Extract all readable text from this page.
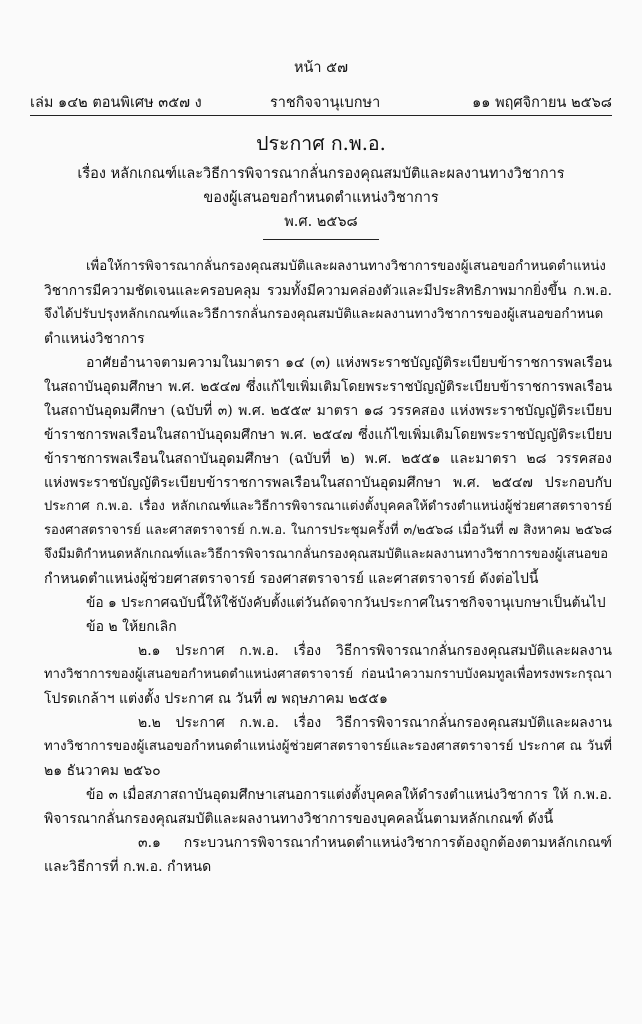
หน้า ๕๗
เล่ม ๑๔๒ ตอนพิเศษ ๓๕๗ ง	ราชกิจจานุเบกษา	๑๑ พฤศจิกายน ๒๕๖๘
ประกาศ ก.พ.อ.
เรื่อง หลักเกณฑ์และวิธีการพิจารณากลั่นกรองคุณสมบัติและผลงานทางวิชาการ
ของผู้เสนอขอกำหนดตำแหน่งวิชาการ
พ.ศ. ๒๕๖๘
เพื่อให้การพิจารณากลั่นกรองคุณสมบัติและผลงานทางวิชาการของผู้เสนอขอกำหนดตำแหน่ง
วิชาการมีความชัดเจนและครอบคลุม รวมทั้งมีความคล่องตัวและมีประสิทธิภาพมากยิ่งขึ้น ก.พ.อ.
จึงได้ปรับปรุงหลักเกณฑ์และวิธีการกลั่นกรองคุณสมบัติและผลงานทางวิชาการของผู้เสนอขอกำหนด
ตำแหน่งวิชาการ
อาศัยอำนาจตามความในมาตรา ๑๔ (๓) แห่งพระราชบัญญัติระเบียบข้าราชการพลเรือน
ในสถาบันอุดมศึกษา พ.ศ. ๒๕๔๗ ซึ่งแก้ไขเพิ่มเติมโดยพระราชบัญญัติระเบียบข้าราชการพลเรือน
ในสถาบันอุดมศึกษา (ฉบับที่ ๓) พ.ศ. ๒๕๕๙ มาตรา ๑๘ วรรคสอง แห่งพระราชบัญญัติระเบียบ
ข้าราชการพลเรือนในสถาบันอุดมศึกษา พ.ศ. ๒๕๔๗ ซึ่งแก้ไขเพิ่มเติมโดยพระราชบัญญัติระเบียบ
ข้าราชการพลเรือนในสถาบันอุดมศึกษา (ฉบับที่ ๒) พ.ศ. ๒๕๕๑ และมาตรา ๒๘ วรรคสอง
แห่งพระราชบัญญัติระเบียบข้าราชการพลเรือนในสถาบันอุดมศึกษา พ.ศ. ๒๕๔๗ ประกอบกับ
ประกาศ ก.พ.อ. เรื่อง หลักเกณฑ์และวิธีการพิจารณาแต่งตั้งบุคคลให้ดำรงตำแหน่งผู้ช่วยศาสตราจารย์
รองศาสตราจารย์ และศาสตราจารย์ ก.พ.อ. ในการประชุมครั้งที่ ๓/๒๕๖๘ เมื่อวันที่ ๗ สิงหาคม ๒๕๖๘
จึงมีมติกำหนดหลักเกณฑ์และวิธีการพิจารณากลั่นกรองคุณสมบัติและผลงานทางวิชาการของผู้เสนอขอ
กำหนดตำแหน่งผู้ช่วยศาสตราจารย์ รองศาสตราจารย์ และศาสตราจารย์ ดังต่อไปนี้
ข้อ ๑ ประกาศฉบับนี้ให้ใช้บังคับตั้งแต่วันถัดจากวันประกาศในราชกิจจานุเบกษาเป็นต้นไป
ข้อ ๒ ให้ยกเลิก
๒.๑ ประกาศ ก.พ.อ. เรื่อง วิธีการพิจารณากลั่นกรองคุณสมบัติและผลงาน
ทางวิชาการของผู้เสนอขอกำหนดตำแหน่งศาสตราจารย์ ก่อนนำความกราบบังคมทูลเพื่อทรงพระกรุณา
โปรดเกล้าฯ แต่งตั้ง ประกาศ ณ วันที่ ๗ พฤษภาคม ๒๕๕๑
๒.๒ ประกาศ ก.พ.อ. เรื่อง วิธีการพิจารณากลั่นกรองคุณสมบัติและผลงาน
ทางวิชาการของผู้เสนอขอกำหนดตำแหน่งผู้ช่วยศาสตราจารย์และรองศาสตราจารย์ ประกาศ ณ วันที่
๒๑ ธันวาคม ๒๕๖๐
ข้อ ๓ เมื่อสภาสถาบันอุดมศึกษาเสนอการแต่งตั้งบุคคลให้ดำรงตำแหน่งวิชาการ ให้ ก.พ.อ.
พิจารณากลั่นกรองคุณสมบัติและผลงานทางวิชาการของบุคคลนั้นตามหลักเกณฑ์ ดังนี้
๓.๑ กระบวนการพิจารณากำหนดตำแหน่งวิชาการต้องถูกต้องตามหลักเกณฑ์
และวิธีการที่ ก.พ.อ. กำหนด
